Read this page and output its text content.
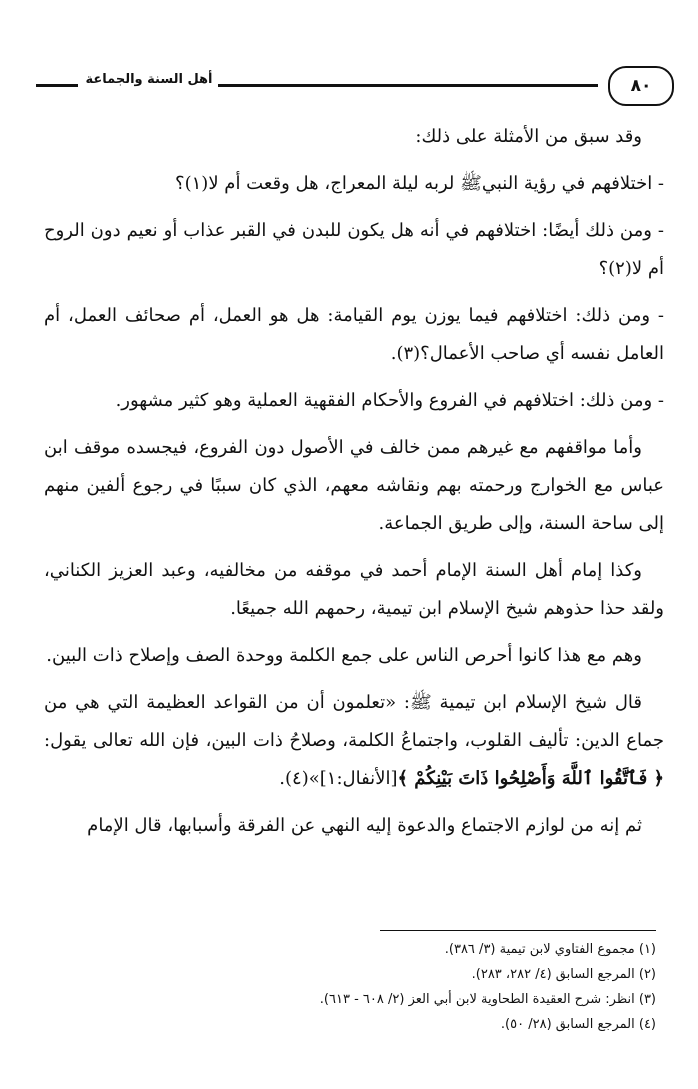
أهل السنة والجماعة	٨٠

وقد سبق من الأمثلة على ذلك:

- اختلافهم في رؤية النبيﷺ لربه ليلة المعراج، هل وقعت أم لا(١)؟

- ومن ذلك أيضًا: اختلافهم في أنه هل يكون للبدن في القبر عذاب أو نعيم دون الروح أم لا(٢)؟

- ومن ذلك: اختلافهم فيما يوزن يوم القيامة: هل هو العمل، أم صحائف العمل، أم العامل نفسه أي صاحب الأعمال؟(٣).

- ومن ذلك: اختلافهم في الفروع والأحكام الفقهية العملية وهو كثير مشهور.

وأما مواقفهم مع غيرهم ممن خالف في الأصول دون الفروع، فيجسده موقف ابن عباس مع الخوارج ورحمته بهم ونقاشه معهم، الذي كان سببًا في رجوع ألفين منهم إلى ساحة السنة، وإلى طريق الجماعة.

وكذا إمام أهل السنة الإمام أحمد في موقفه من مخالفيه، وعبد العزيز الكناني، ولقد حذا حذوهم شيخ الإسلام ابن تيمية، رحمهم الله جميعًا.

وهم مع هذا كانوا أحرص الناس على جمع الكلمة ووحدة الصف وإصلاح ذات البين.

قال شيخ الإسلام ابن تيمية ﷺ: «تعلمون أن من القواعد العظيمة التي هي من جماع الدين: تأليف القلوب، واجتماعُ الكلمة، وصلاحُ ذات البين، فإن الله تعالى يقول: ﴿ فَٱتَّقُوا ٱللَّهَ وَأَصْلِحُوا ذَاتَ بَيْنِكُمْ ﴾[الأنفال:١]»(٤).

ثم إنه من لوازم الاجتماع والدعوة إليه النهي عن الفرقة وأسبابها، قال الإمام

(١) مجموع الفتاوي لابن تيمية (٣/ ٣٨٦).
(٢) المرجع السابق (٤/ ٢٨٢، ٢٨٣).
(٣) انظر: شرح العقيدة الطحاوية لابن أبي العز (٢/ ٦٠٨ - ٦١٣).
(٤) المرجع السابق (٢٨/ ٥٠).
